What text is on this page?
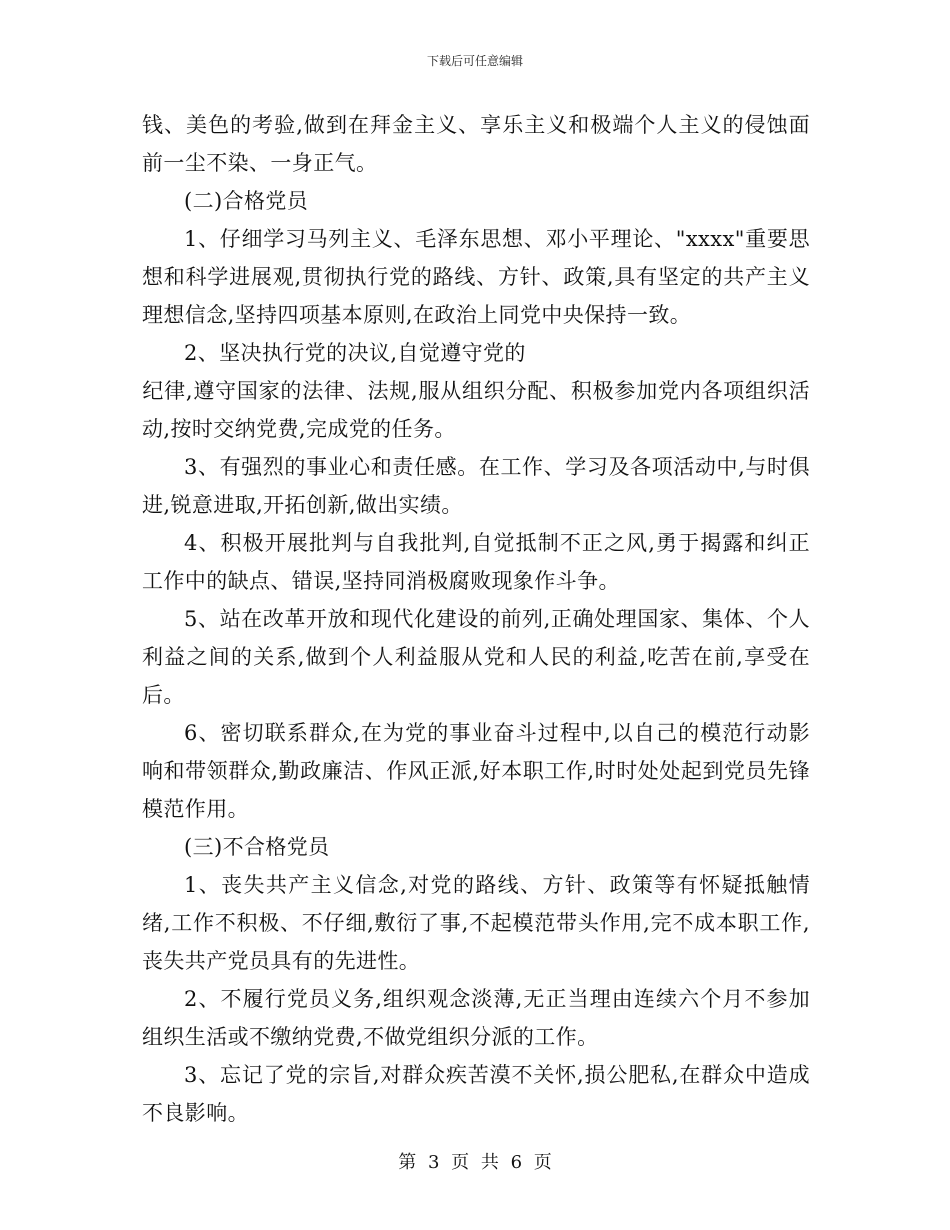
下载后可任意编辑

钱、美色的考验,做到在拜金主义、享乐主义和极端个人主义的侵蚀面前一尘不染、一身正气。

(二)合格党员

1、仔细学习马列主义、毛泽东思想、邓小平理论、"xxxx"重要思想和科学进展观,贯彻执行党的路线、方针、政策,具有坚定的共产主义理想信念,坚持四项基本原则,在政治上同党中央保持一致。

2、坚决执行党的决议,自觉遵守党的

纪律,遵守国家的法律、法规,服从组织分配、积极参加党内各项组织活动,按时交纳党费,完成党的任务。

3、有强烈的事业心和责任感。在工作、学习及各项活动中,与时俱进,锐意进取,开拓创新,做出实绩。

4、积极开展批判与自我批判,自觉抵制不正之风,勇于揭露和纠正工作中的缺点、错误,坚持同消极腐败现象作斗争。

5、站在改革开放和现代化建设的前列,正确处理国家、集体、个人利益之间的关系,做到个人利益服从党和人民的利益,吃苦在前,享受在后。

6、密切联系群众,在为党的事业奋斗过程中,以自己的模范行动影响和带领群众,勤政廉洁、作风正派,好本职工作,时时处处起到党员先锋模范作用。

(三)不合格党员

1、丧失共产主义信念,对党的路线、方针、政策等有怀疑抵触情绪,工作不积极、不仔细,敷衍了事,不起模范带头作用,完不成本职工作,丧失共产党员具有的先进性。

2、不履行党员义务,组织观念淡薄,无正当理由连续六个月不参加组织生活或不缴纳党费,不做党组织分派的工作。

3、忘记了党的宗旨,对群众疾苦漠不关怀,损公肥私,在群众中造成不良影响。

第 3 页 共 6 页
